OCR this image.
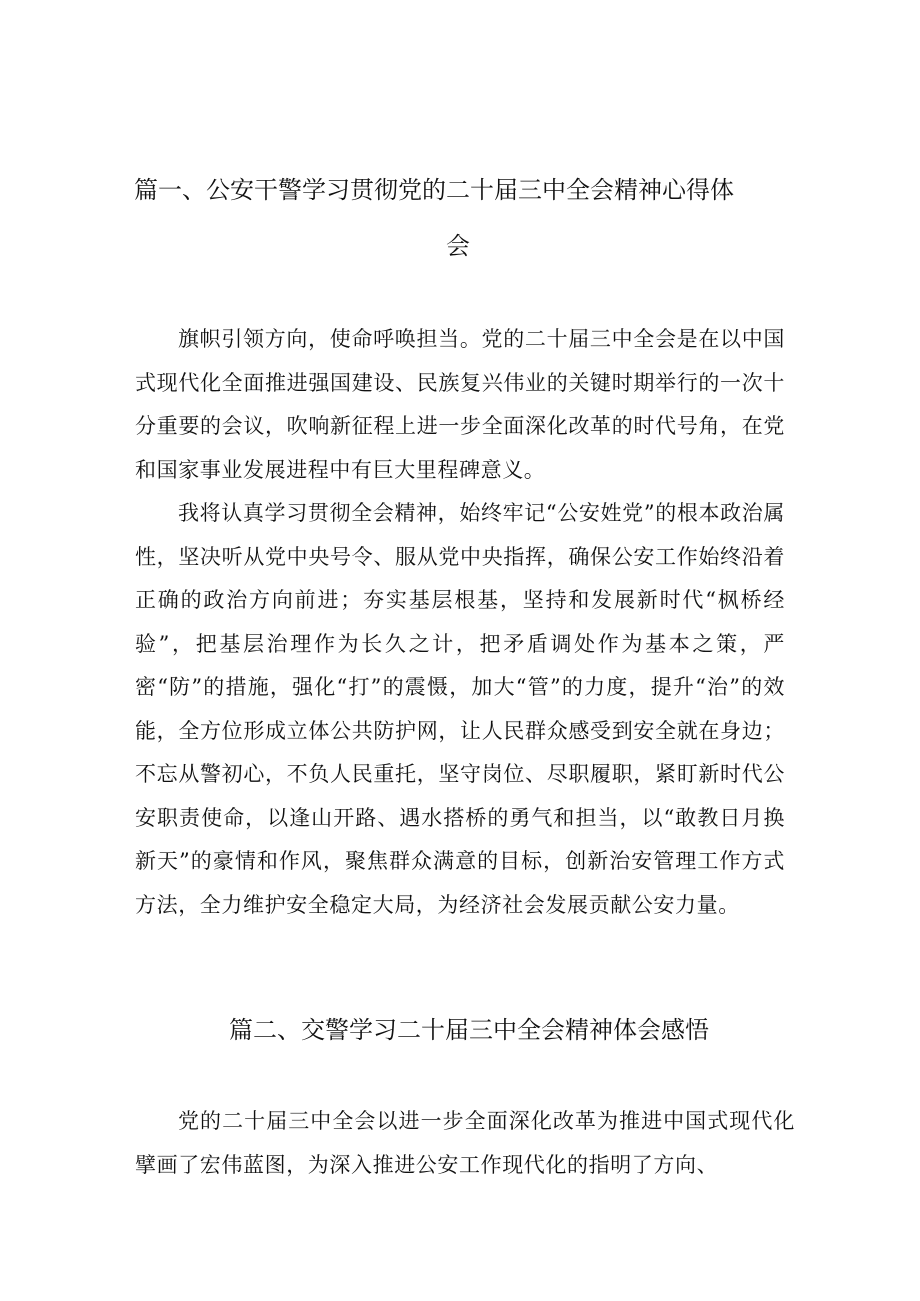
篇一、公安干警学习贯彻党的二十届三中全会精神心得体
会

旗帜引领方向，使命呼唤担当。党的二十届三中全会是在以中国式现代化全面推进强国建设、民族复兴伟业的关键时期举行的一次十分重要的会议，吹响新征程上进一步全面深化改革的时代号角，在党和国家事业发展进程中有巨大里程碑意义。

我将认真学习贯彻全会精神，始终牢记“公安姓党”的根本政治属性，坚决听从党中央号令、服从党中央指挥，确保公安工作始终沿着正确的政治方向前进；夯实基层根基，坚持和发展新时代“枫桥经验”，把基层治理作为长久之计，把矛盾调处作为基本之策，严密“防”的措施，强化“打”的震慑，加大“管”的力度，提升“治”的效能，全方位形成立体公共防护网，让人民群众感受到安全就在身边；不忘从警初心，不负人民重托，坚守岗位、尽职履职，紧盯新时代公安职责使命，以逢山开路、遇水搭桥的勇气和担当，以“敢教日月换新天”的豪情和作风，聚焦群众满意的目标，创新治安管理工作方式方法，全力维护安全稳定大局，为经济社会发展贡献公安力量。

篇二、交警学习二十届三中全会精神体会感悟

党的二十届三中全会以进一步全面深化改革为推进中国式现代化擘画了宏伟蓝图，为深入推进公安工作现代化的指明了方向、
